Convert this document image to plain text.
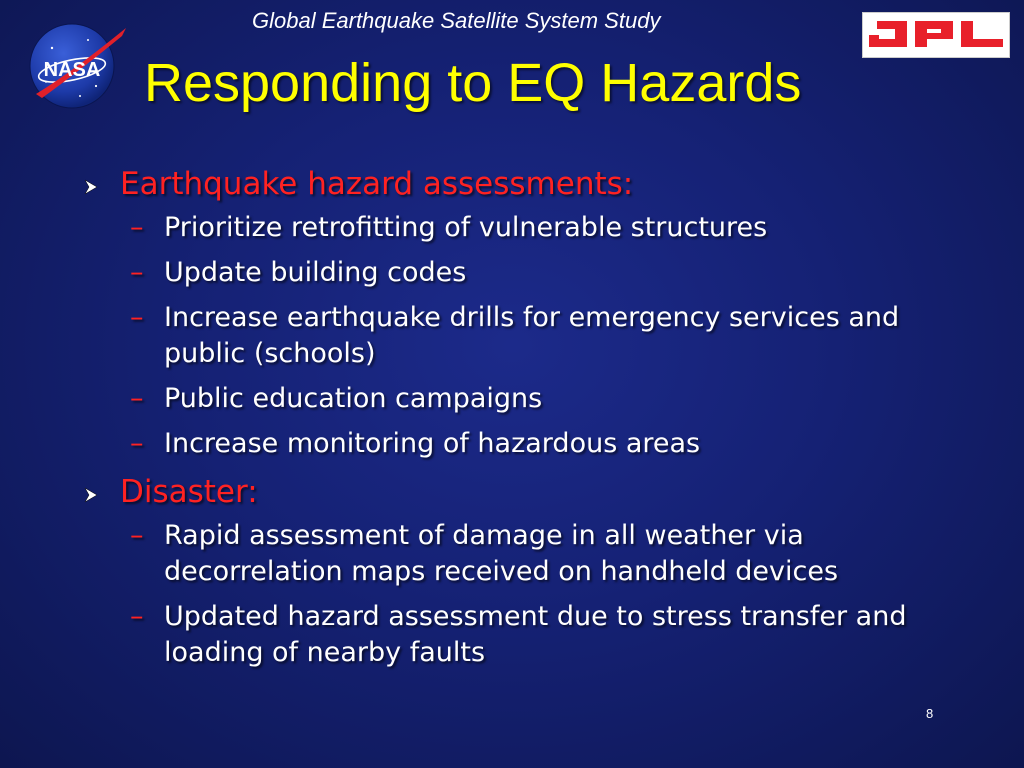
Global Earthquake Satellite System Study
NASA
JPL
Responding to EQ Hazards
Earthquake hazard assessments:
– Prioritize retrofitting of vulnerable structures
– Update building codes
– Increase earthquake drills for emergency services and public (schools)
– Public education campaigns
– Increase monitoring of hazardous areas
Disaster:
– Rapid assessment of damage in all weather via decorrelation maps received on handheld devices
– Updated hazard assessment due to stress transfer and loading of nearby faults
8
